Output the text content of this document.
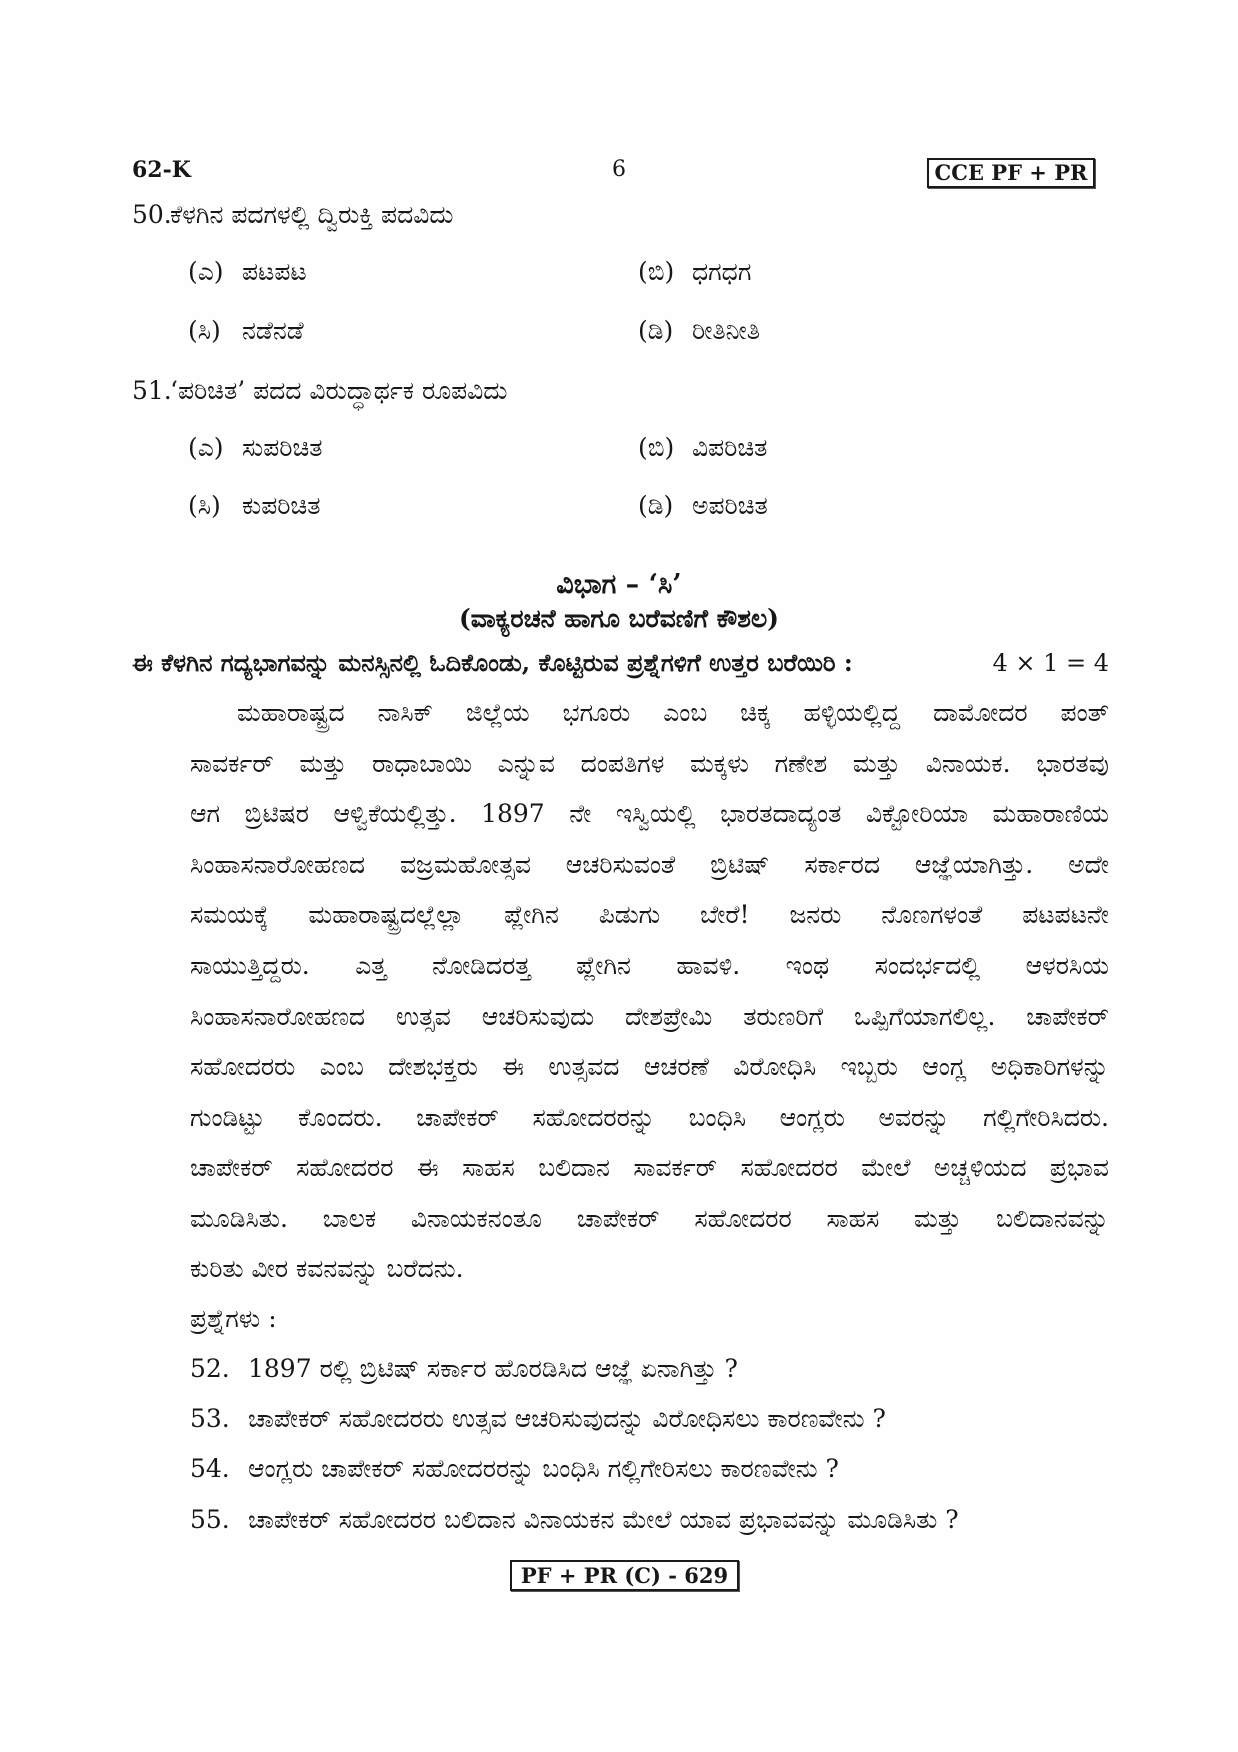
62-K	6	CCE PF + PR
50.
ಕೆಳಗಿನ ಪದಗಳಲ್ಲಿ ದ್ವಿರುಕ್ತಿ ಪದವಿದು
(ಎ) ಪಟಪಟ	(ಬಿ) ಧಗಧಗ
(ಸಿ) ನಡೆನಡೆ	(ಡಿ) ರೀತಿನೀತಿ
51.
‘ಪರಿಚಿತ’ ಪದದ ವಿರುದ್ಧಾರ್ಥಕ ರೂಪವಿದು
(ಎ) ಸುಪರಿಚಿತ	(ಬಿ) ವಿಪರಿಚಿತ
(ಸಿ) ಕುಪರಿಚಿತ	(ಡಿ) ಅಪರಿಚಿತ
ವಿಭಾಗ – ‘ಸಿ’
(ವಾಕ್ಯರಚನೆ ಹಾಗೂ ಬರೆವಣಿಗೆ ಕೌಶಲ)
ಈ ಕೆಳಗಿನ ಗದ್ಯಭಾಗವನ್ನು ಮನಸ್ಸಿನಲ್ಲಿ ಓದಿಕೊಂಡು, ಕೊಟ್ಟಿರುವ ಪ್ರಶ್ನೆಗಳಿಗೆ ಉತ್ತರ ಬರೆಯಿರಿ :	4 × 1 = 4
ಮಹಾರಾಷ್ಟ್ರದ ನಾಸಿಕ್ ಜಿಲ್ಲೆಯ ಭಗೂರು ಎಂಬ ಚಿಕ್ಕ ಹಳ್ಳಿಯಲ್ಲಿದ್ದ ದಾಮೋದರ ಪಂತ್
ಸಾವರ್ಕರ್ ಮತ್ತು ರಾಧಾಬಾಯಿ ಎನ್ನುವ ದಂಪತಿಗಳ ಮಕ್ಕಳು ಗಣೇಶ ಮತ್ತು ವಿನಾಯಕ. ಭಾರತವು
ಆಗ ಬ್ರಿಟಿಷರ ಆಳ್ವಿಕೆಯಲ್ಲಿತ್ತು. 1897 ನೇ ಇಸ್ವಿಯಲ್ಲಿ ಭಾರತದಾದ್ಯಂತ ವಿಕ್ಟೋರಿಯಾ ಮಹಾರಾಣಿಯ
ಸಿಂಹಾಸನಾರೋಹಣದ ವಜ್ರಮಹೋತ್ಸವ ಆಚರಿಸುವಂತೆ ಬ್ರಿಟಿಷ್ ಸರ್ಕಾರದ ಆಜ್ಞೆಯಾಗಿತ್ತು. ಅದೇ
ಸಮಯಕ್ಕೆ ಮಹಾರಾಷ್ಟ್ರದಲ್ಲೆಲ್ಲಾ ಪ್ಲೇಗಿನ ಪಿಡುಗು ಬೇರೆ! ಜನರು ನೊಣಗಳಂತೆ ಪಟಪಟನೇ
ಸಾಯುತ್ತಿದ್ದರು. ಎತ್ತ ನೋಡಿದರತ್ತ ಪ್ಲೇಗಿನ ಹಾವಳಿ. ಇಂಥ ಸಂದರ್ಭದಲ್ಲಿ ಆಳರಸಿಯ
ಸಿಂಹಾಸನಾರೋಹಣದ ಉತ್ಸವ ಆಚರಿಸುವುದು ದೇಶಪ್ರೇಮಿ ತರುಣರಿಗೆ ಒಪ್ಪಿಗೆಯಾಗಲಿಲ್ಲ. ಚಾಪೇಕರ್
ಸಹೋದರರು ಎಂಬ ದೇಶಭಕ್ತರು ಈ ಉತ್ಸವದ ಆಚರಣೆ ವಿರೋಧಿಸಿ ಇಬ್ಬರು ಆಂಗ್ಲ ಅಧಿಕಾರಿಗಳನ್ನು
ಗುಂಡಿಟ್ಟು ಕೊಂದರು. ಚಾಪೇಕರ್ ಸಹೋದರರನ್ನು ಬಂಧಿಸಿ ಆಂಗ್ಲರು ಅವರನ್ನು ಗಲ್ಲಿಗೇರಿಸಿದರು.
ಚಾಪೇಕರ್ ಸಹೋದರರ ಈ ಸಾಹಸ ಬಲಿದಾನ ಸಾವರ್ಕರ್ ಸಹೋದರರ ಮೇಲೆ ಅಚ್ಚಳಿಯದ ಪ್ರಭಾವ
ಮೂಡಿಸಿತು. ಬಾಲಕ ವಿನಾಯಕನಂತೂ ಚಾಪೇಕರ್ ಸಹೋದರರ ಸಾಹಸ ಮತ್ತು ಬಲಿದಾನವನ್ನು
ಕುರಿತು ವೀರ ಕವನವನ್ನು ಬರೆದನು.
ಪ್ರಶ್ನೆಗಳು :
52. 1897 ರಲ್ಲಿ ಬ್ರಿಟಿಷ್ ಸರ್ಕಾರ ಹೊರಡಿಸಿದ ಆಜ್ಞೆ ಏನಾಗಿತ್ತು ?
53. ಚಾಪೇಕರ್ ಸಹೋದರರು ಉತ್ಸವ ಆಚರಿಸುವುದನ್ನು ವಿರೋಧಿಸಲು ಕಾರಣವೇನು ?
54. ಆಂಗ್ಲರು ಚಾಪೇಕರ್ ಸಹೋದರರನ್ನು ಬಂಧಿಸಿ ಗಲ್ಲಿಗೇರಿಸಲು ಕಾರಣವೇನು ?
55. ಚಾಪೇಕರ್ ಸಹೋದರರ ಬಲಿದಾನ ವಿನಾಯಕನ ಮೇಲೆ ಯಾವ ಪ್ರಭಾವವನ್ನು ಮೂಡಿಸಿತು ?
PF + PR (C) - 629
